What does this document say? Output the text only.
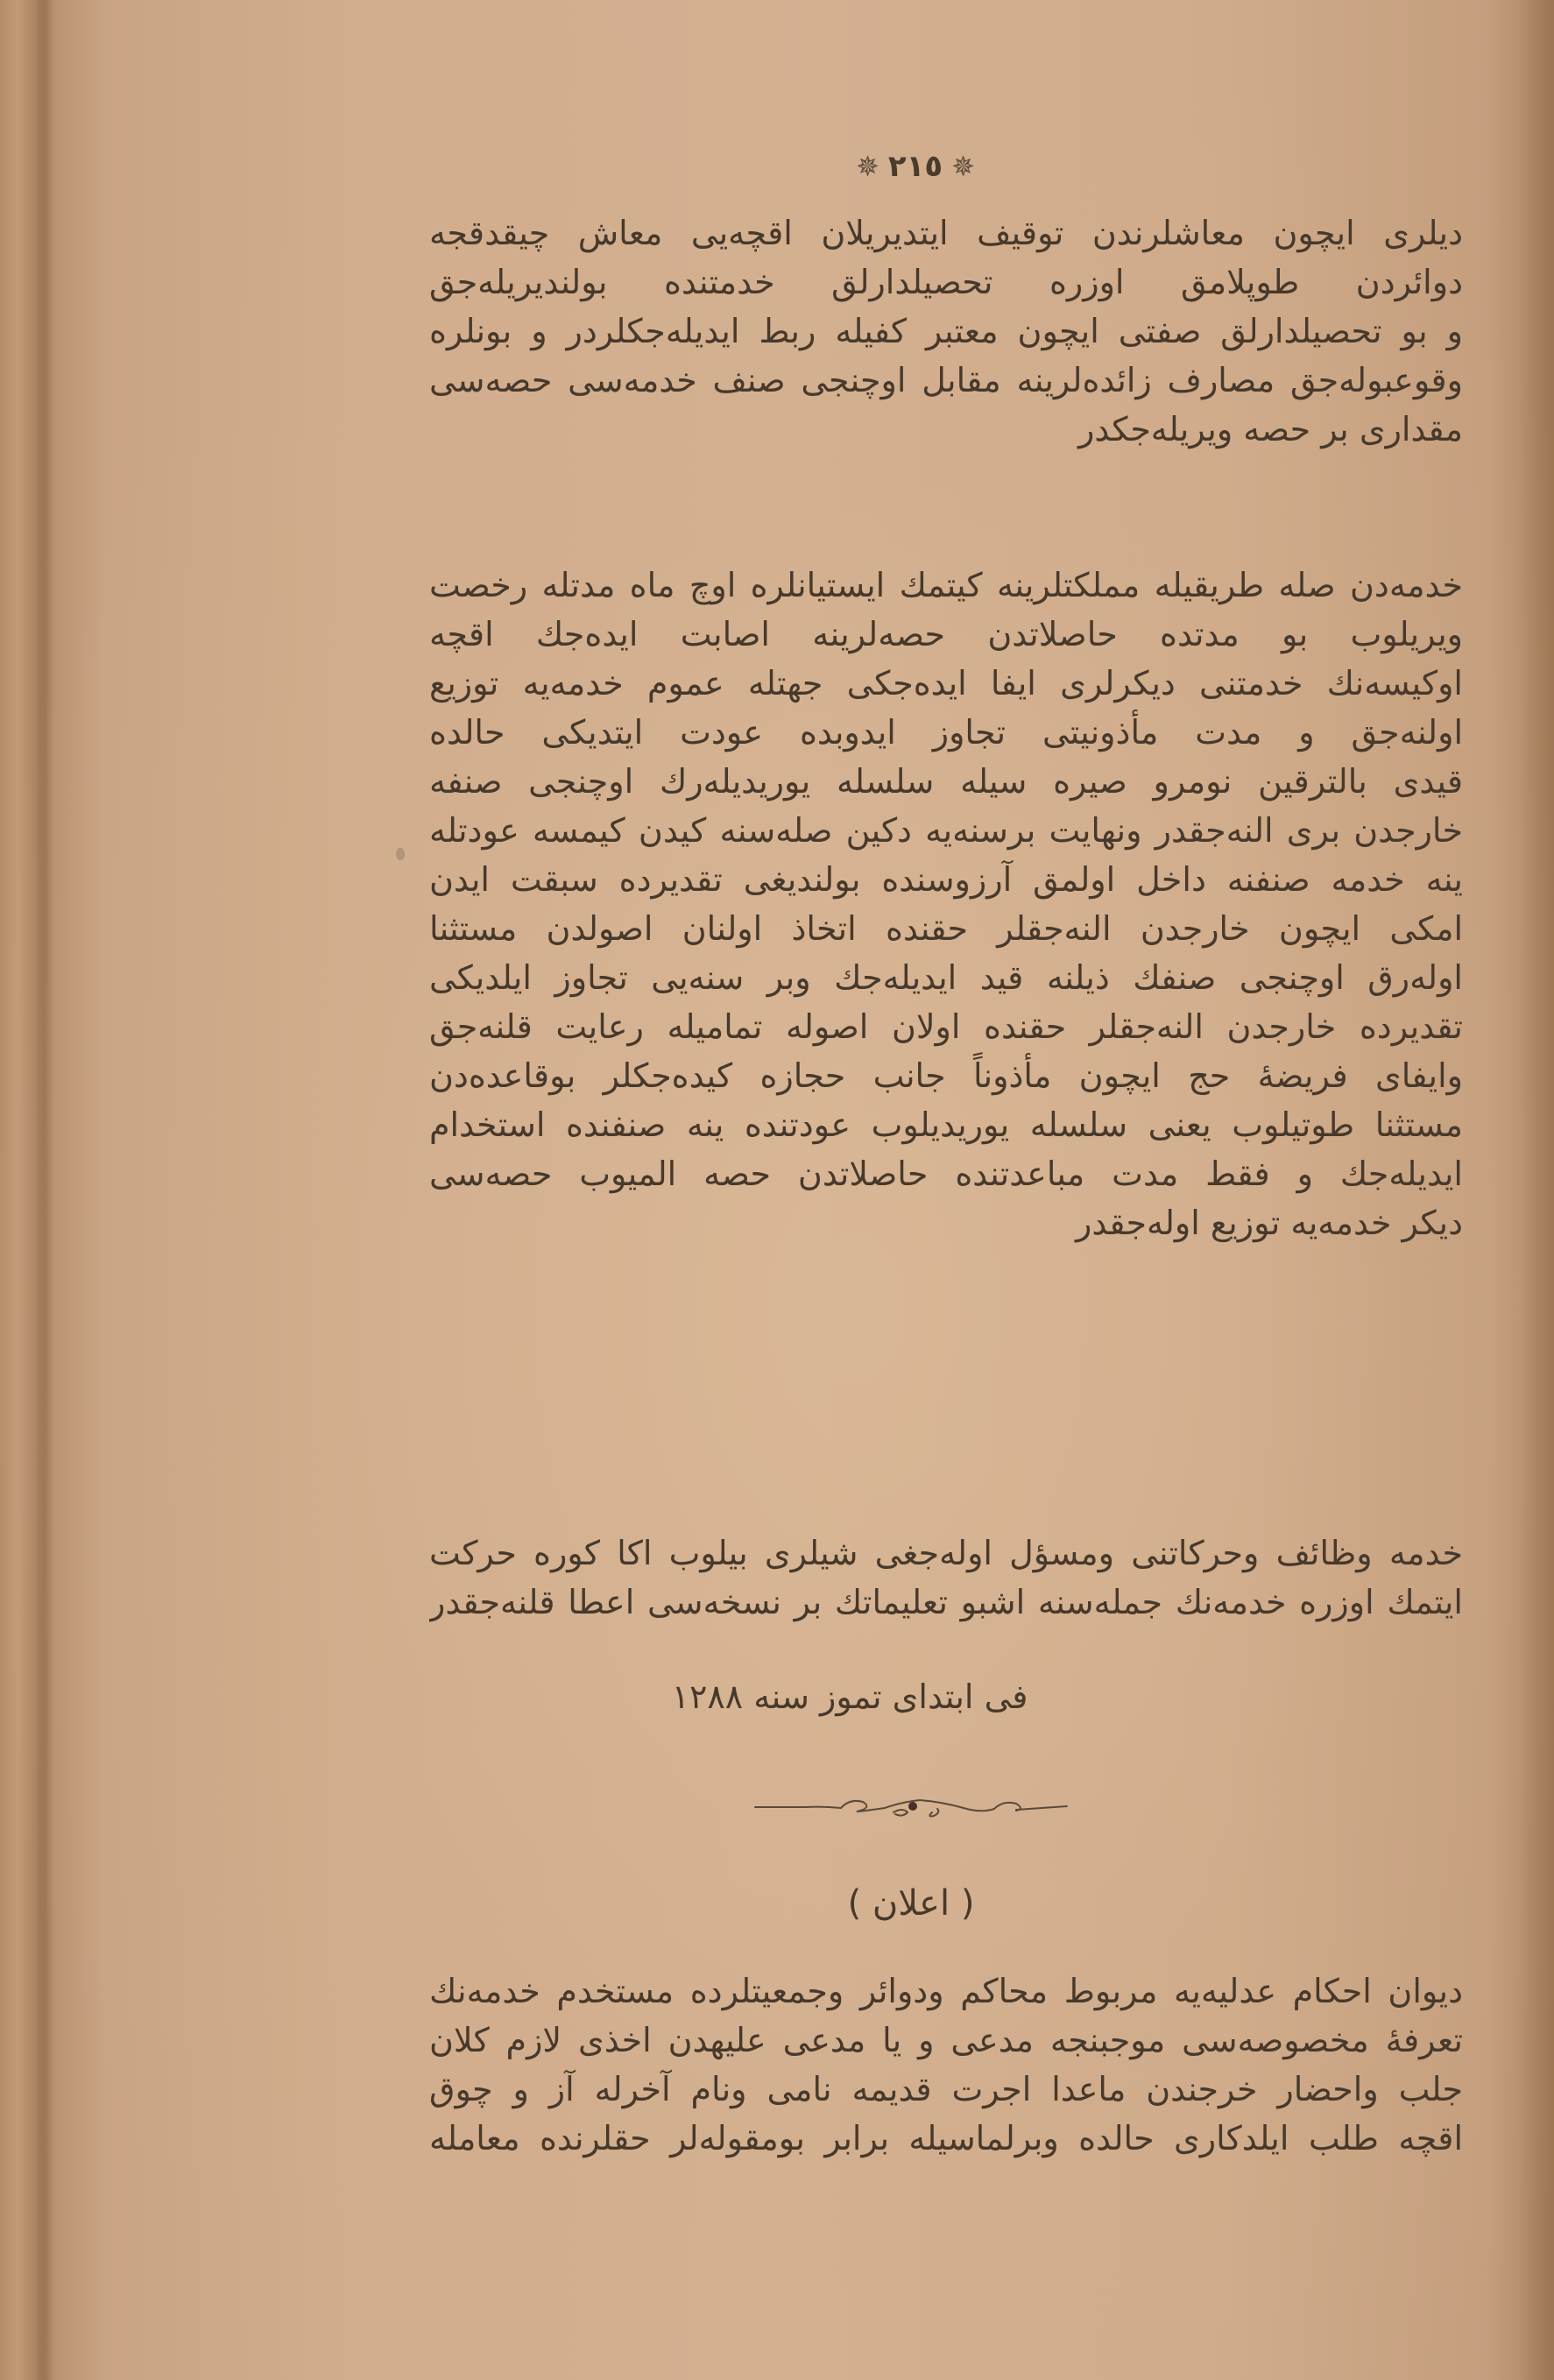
✵
٢١٥
✵
دیلری ایچون معاشلرندن توقیف ایتدیریلان اقچه‌یی معاش چیقدقجه
دوائردن طوپلامق اوزره تحصیلدارلق خدمتنده بولندیریله‌جق
و بو تحصیلدارلق صفتی ایچون معتبر کفیله ربط ایدیله‌جکلردر و بونلره
وقوعبوله‌جق مصارف زائده‌لرینه مقابل اوچنجی صنف خدمه‌سی حصه‌سی
مقداری بر حصه ویریله‌جکدر
خدمه‌دن صله طریقیله مملکتلرینه کیتمك ایستیانلره اوچ ماه مدتله رخصت
ویریلوب بو مدتده حاصلاتدن حصه‌لرینه اصابت ایده‌جك اقچه
اوکیسه‌نك خدمتنی دیکرلری ایفا ایده‌جکی جهتله عموم خدمه‌یه توزیع
اولنه‌جق و مدت مأذونیتی تجاوز ایدوبده عودت ایتدیکی حالده
قیدی بالترقین نومرو صیره سیله سلسله یوریدیله‌رك اوچنجی صنفه
خارجدن بری النه‌جقدر ونهایت برسنه‌یه دکین صله‌سنه کیدن کیمسه عودتله
ینه خدمه صنفنه داخل اولمق آرزوسنده بولندیغی تقدیرده سبقت ایدن
امکی ایچون خارجدن النه‌جقلر حقنده اتخاذ اولنان اصولدن مستثنا
اوله‌رق اوچنجی صنفك ذیلنه قید ایدیله‌جك وبر سنه‌یی تجاوز ایلدیکی
تقدیرده خارجدن النه‌جقلر حقنده اولان اصوله تماميله رعایت قلنه‌جق
وایفای فریضهٔ حج ایچون مأذوناً جانب حجازه کیده‌جکلر بوقاعده‌دن
مستثنا طوتیلوب یعنی سلسله یوریدیلوب عودتنده ینه صنفنده استخدام
ایدیله‌جك و فقط مدت مباعدتنده حاصلاتدن حصه المیوب حصه‌سی
دیکر خدمه‌یه توزیع اوله‌جقدر
خدمه وظائف وحرکاتنی ومسؤل اوله‌جغی شیلری بیلوب اکا کوره حرکت
ایتمك اوزره خدمه‌نك جمله‌سنه اشبو تعلیماتك بر نسخه‌سی اعطا قلنه‌جقدر
فی ابتدای تموز سنه ١٢٨٨
( اعلان )
دیوان احکام عدلیه‌یه مربوط محاکم ودوائر وجمعیتلرده مستخدم خدمه‌نك
تعرفهٔ مخصوصه‌سی موجبنجه مدعی و یا مدعی علیهدن اخذی لازم کلان
جلب واحضار خرجندن ماعدا اجرت قدیمه نامی ونام آخرله آز و چوق
اقچه طلب ایلدکاری حالده وبرلماسیله برابر بومقوله‌لر حقلرنده معامله‌
